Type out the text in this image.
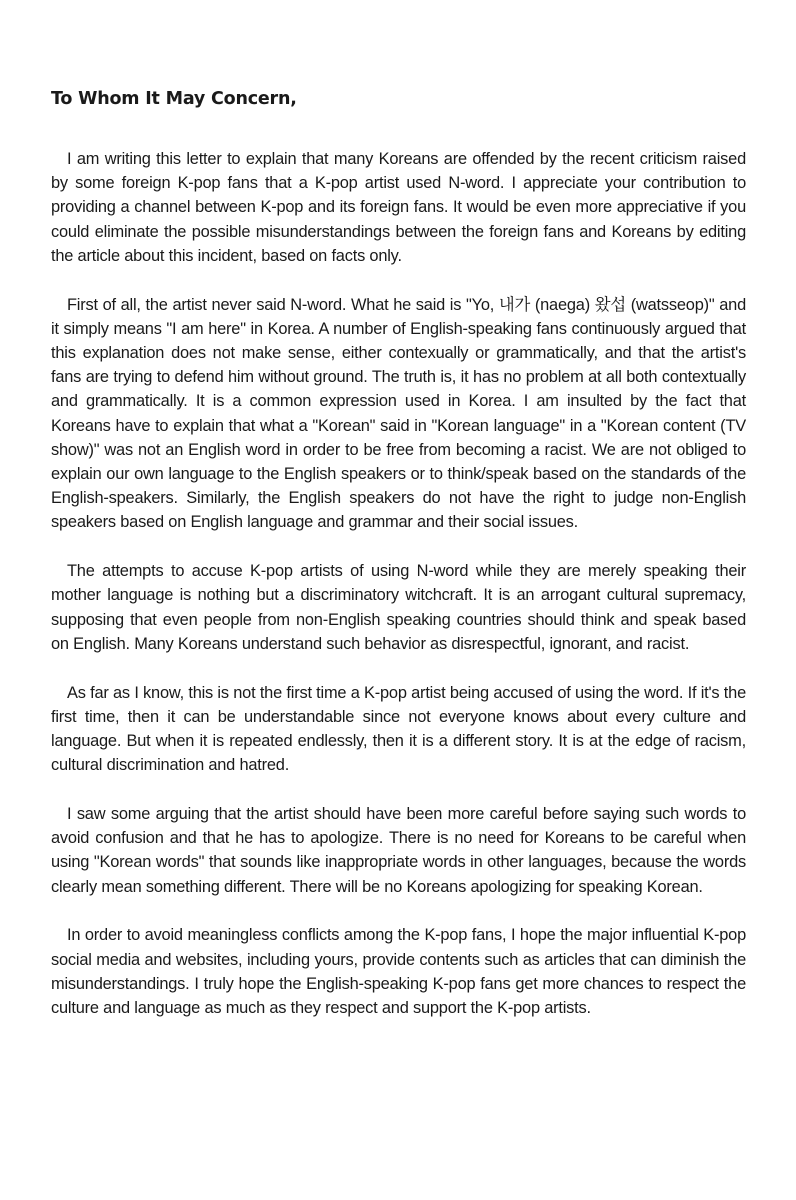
To Whom It May Concern,

I am writing this letter to explain that many Koreans are offended by the recent criticism raised by some foreign K-pop fans that a K-pop artist used N-word. I appreciate your contribution to providing a channel between K-pop and its foreign fans. It would be even more appreciative if you could eliminate the possible misunderstandings between the foreign fans and Koreans by editing the article about this incident, based on facts only.

First of all, the artist never said N-word. What he said is "Yo, 내가 (naega) 왔섭 (watsseop)" and it simply means "I am here" in Korea. A number of English-speaking fans continuously argued that this explanation does not make sense, either contexually or grammatically, and that the artist's fans are trying to defend him without ground. The truth is, it has no problem at all both contextually and grammatically. It is a common expression used in Korea. I am insulted by the fact that Koreans have to explain that what a "Korean" said in "Korean language" in a "Korean content (TV show)" was not an English word in order to be free from becoming a racist. We are not obliged to explain our own language to the English speakers or to think/speak based on the standards of the English-speakers. Similarly, the English speakers do not have the right to judge non-English speakers based on English language and grammar and their social issues.

The attempts to accuse K-pop artists of using N-word while they are merely speaking their mother language is nothing but a discriminatory witchcraft. It is an arrogant cultural supremacy, supposing that even people from non-English speaking countries should think and speak based on English. Many Koreans understand such behavior as disrespectful, ignorant, and racist.

As far as I know, this is not the first time a K-pop artist being accused of using the word. If it's the first time, then it can be understandable since not everyone knows about every culture and language. But when it is repeated endlessly, then it is a different story. It is at the edge of racism, cultural discrimination and hatred.

I saw some arguing that the artist should have been more careful before saying such words to avoid confusion and that he has to apologize. There is no need for Koreans to be careful when using "Korean words" that sounds like inappropriate words in other languages, because the words clearly mean something different. There will be no Koreans apologizing for speaking Korean.

In order to avoid meaningless conflicts among the K-pop fans, I hope the major influential K-pop social media and websites, including yours, provide contents such as articles that can diminish the misunderstandings. I truly hope the English-speaking K-pop fans get more chances to respect the culture and language as much as they respect and support the K-pop artists.
